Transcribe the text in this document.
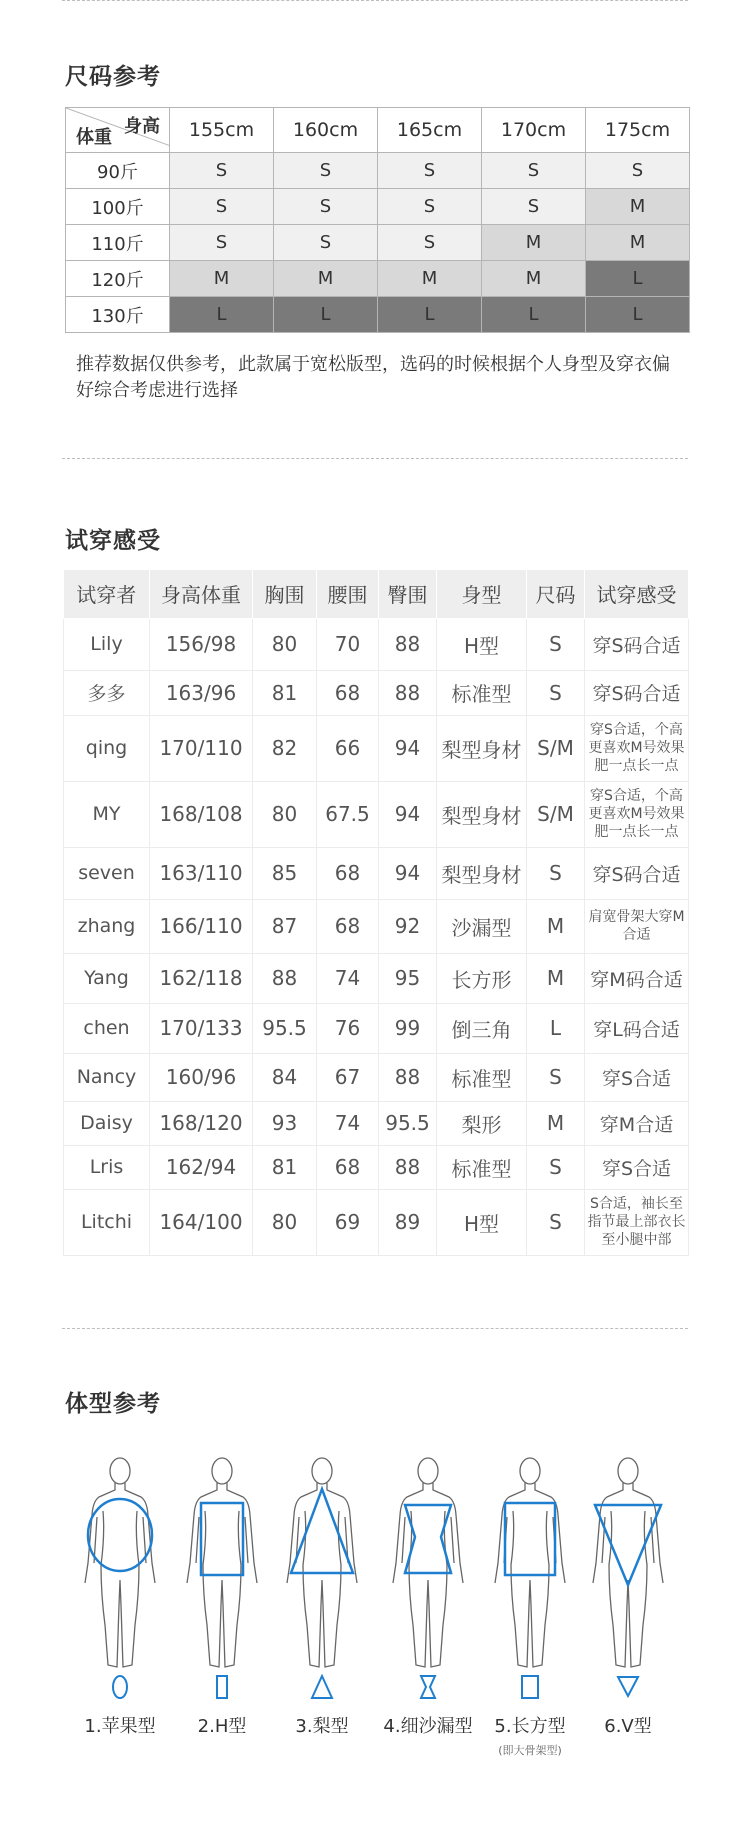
尺码参考
身高
体重	155cm	160cm	165cm	170cm	175cm
90斤	S	S	S	S	S
100斤	S	S	S	S	M
110斤	S	S	S	M	M
120斤	M	M	M	M	L
130斤	L	L	L	L	L
推荐数据仅供参考，此款属于宽松版型，选码的时候根据个人身型及穿衣偏好综合考虑进行选择
试穿感受
试穿者	身高体重	胸围	腰围	臀围	身型	尺码	试穿感受
Lily	156/98	80	70	88	H型	S	穿S码合适
多多	163/96	81	68	88	标准型	S	穿S码合适
qing	170/110	82	66	94	梨型身材	S/M	穿S合适，个高更喜欢M号效果肥一点长一点
MY	168/108	80	67.5	94	梨型身材	S/M	穿S合适，个高更喜欢M号效果肥一点长一点
seven	163/110	85	68	94	梨型身材	S	穿S码合适
zhang	166/110	87	68	92	沙漏型	M	肩宽骨架大穿M合适
Yang	162/118	88	74	95	长方形	M	穿M码合适
chen	170/133	95.5	76	99	倒三角	L	穿L码合适
Nancy	160/96	84	67	88	标准型	S	穿S合适
Daisy	168/120	93	74	95.5	梨形	M	穿M合适
Lris	162/94	81	68	88	标准型	S	穿S合适
Litchi	164/100	80	69	89	H型	S	S合适，袖长至指节最上部衣长至小腿中部
体型参考
1.苹果型	2.H型	3.梨型	4.细沙漏型	5.长方型
(即大骨架型)
6.V型
